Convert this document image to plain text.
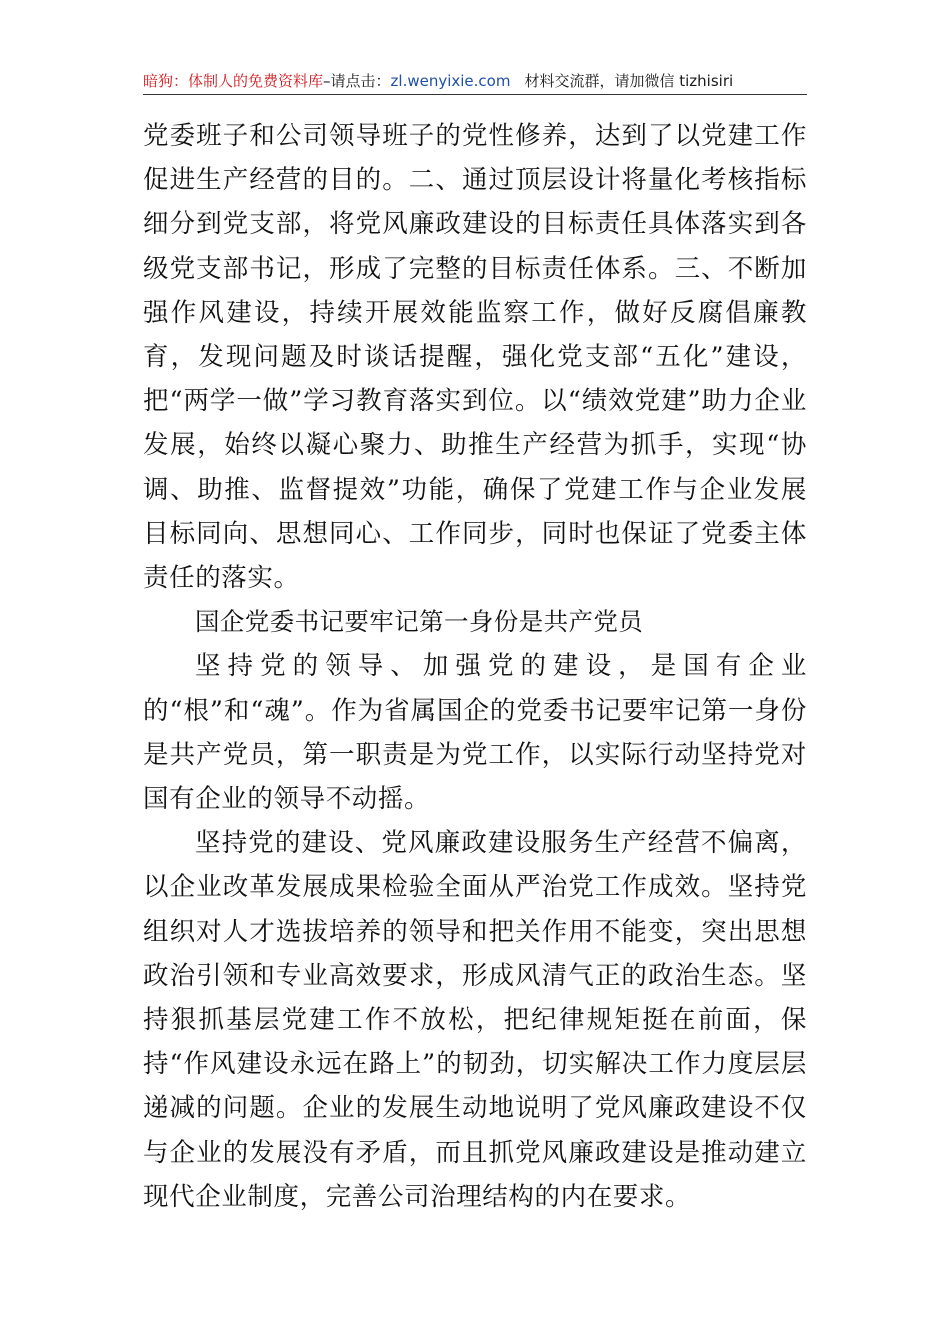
暗狗：体制人的免费资料库–请点击：zl.wenyixie.com 材料交流群，请加微信 tizhisiri

党委班子和公司领导班子的党性修养，达到了以党建工作促进生产经营的目的。二、通过顶层设计将量化考核指标细分到党支部，将党风廉政建设的目标责任具体落实到各级党支部书记，形成了完整的目标责任体系。三、不断加强作风建设，持续开展效能监察工作，做好反腐倡廉教育，发现问题及时谈话提醒，强化党支部“五化”建设，把“两学一做”学习教育落实到位。以“绩效党建”助力企业发展，始终以凝心聚力、助推生产经营为抓手，实现“协调、助推、监督提效”功能，确保了党建工作与企业发展目标同向、思想同心、工作同步，同时也保证了党委主体责任的落实。

国企党委书记要牢记第一身份是共产党员

坚持党的领导、加强党的建设，是国有企业的“根”和“魂”。作为省属国企的党委书记要牢记第一身份是共产党员，第一职责是为党工作，以实际行动坚持党对国有企业的领导不动摇。

坚持党的建设、党风廉政建设服务生产经营不偏离，以企业改革发展成果检验全面从严治党工作成效。坚持党组织对人才选拔培养的领导和把关作用不能变，突出思想政治引领和专业高效要求，形成风清气正的政治生态。坚持狠抓基层党建工作不放松，把纪律规矩挺在前面，保持“作风建设永远在路上”的韧劲，切实解决工作力度层层递减的问题。企业的发展生动地说明了党风廉政建设不仅与企业的发展没有矛盾，而且抓党风廉政建设是推动建立现代企业制度，完善公司治理结构的内在要求。
